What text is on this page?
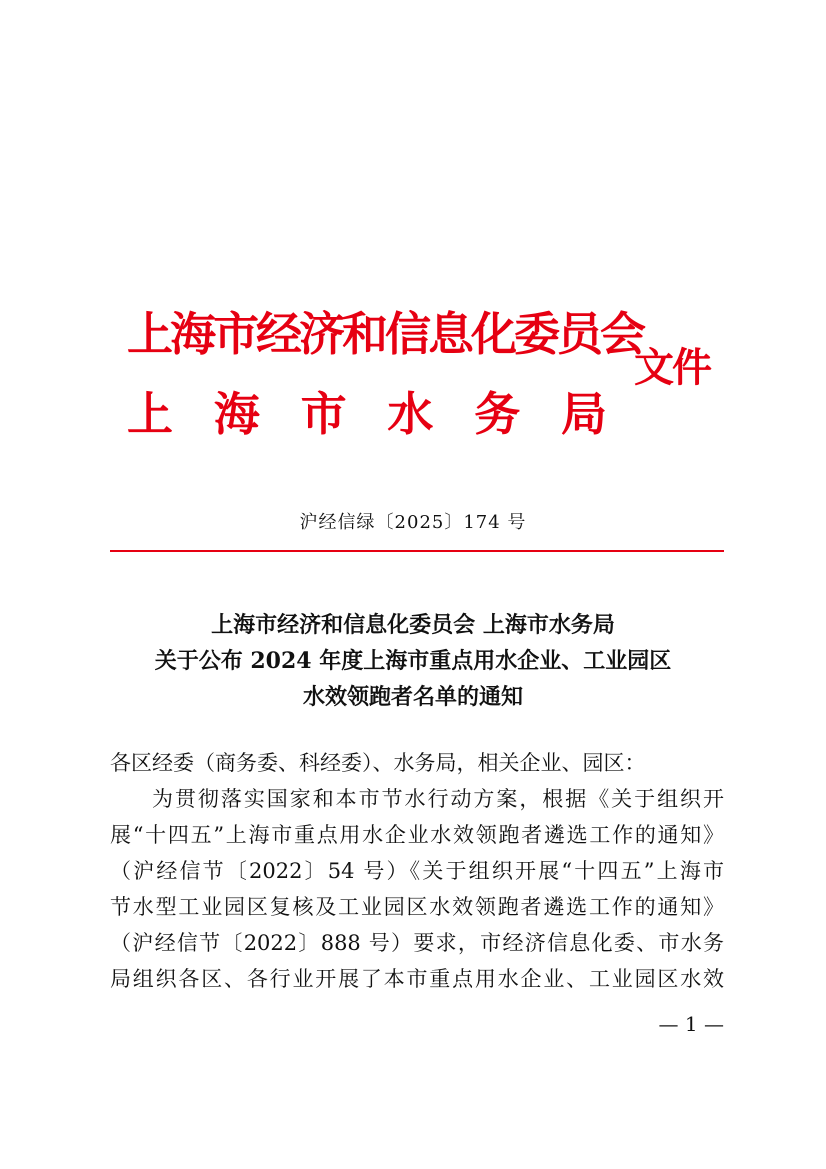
上海市经济和信息化委员会
上 海 市 水 务 局
文件
沪经信绿〔2025〕174 号
上海市经济和信息化委员会 上海市水务局
关于公布 2024 年度上海市重点用水企业、工业园区
水效领跑者名单的通知
各区经委（商务委、科经委）、水务局，相关企业、园区：
为贯彻落实国家和本市节水行动方案，根据《关于组织开
展“十四五”上海市重点用水企业水效领跑者遴选工作的通知》
（沪经信节〔2022〕54 号）《关于组织开展“十四五”上海市
节水型工业园区复核及工业园区水效领跑者遴选工作的通知》
（沪经信节〔2022〕888 号）要求，市经济信息化委、市水务
局组织各区、各行业开展了本市重点用水企业、工业园区水效
— 1 —
